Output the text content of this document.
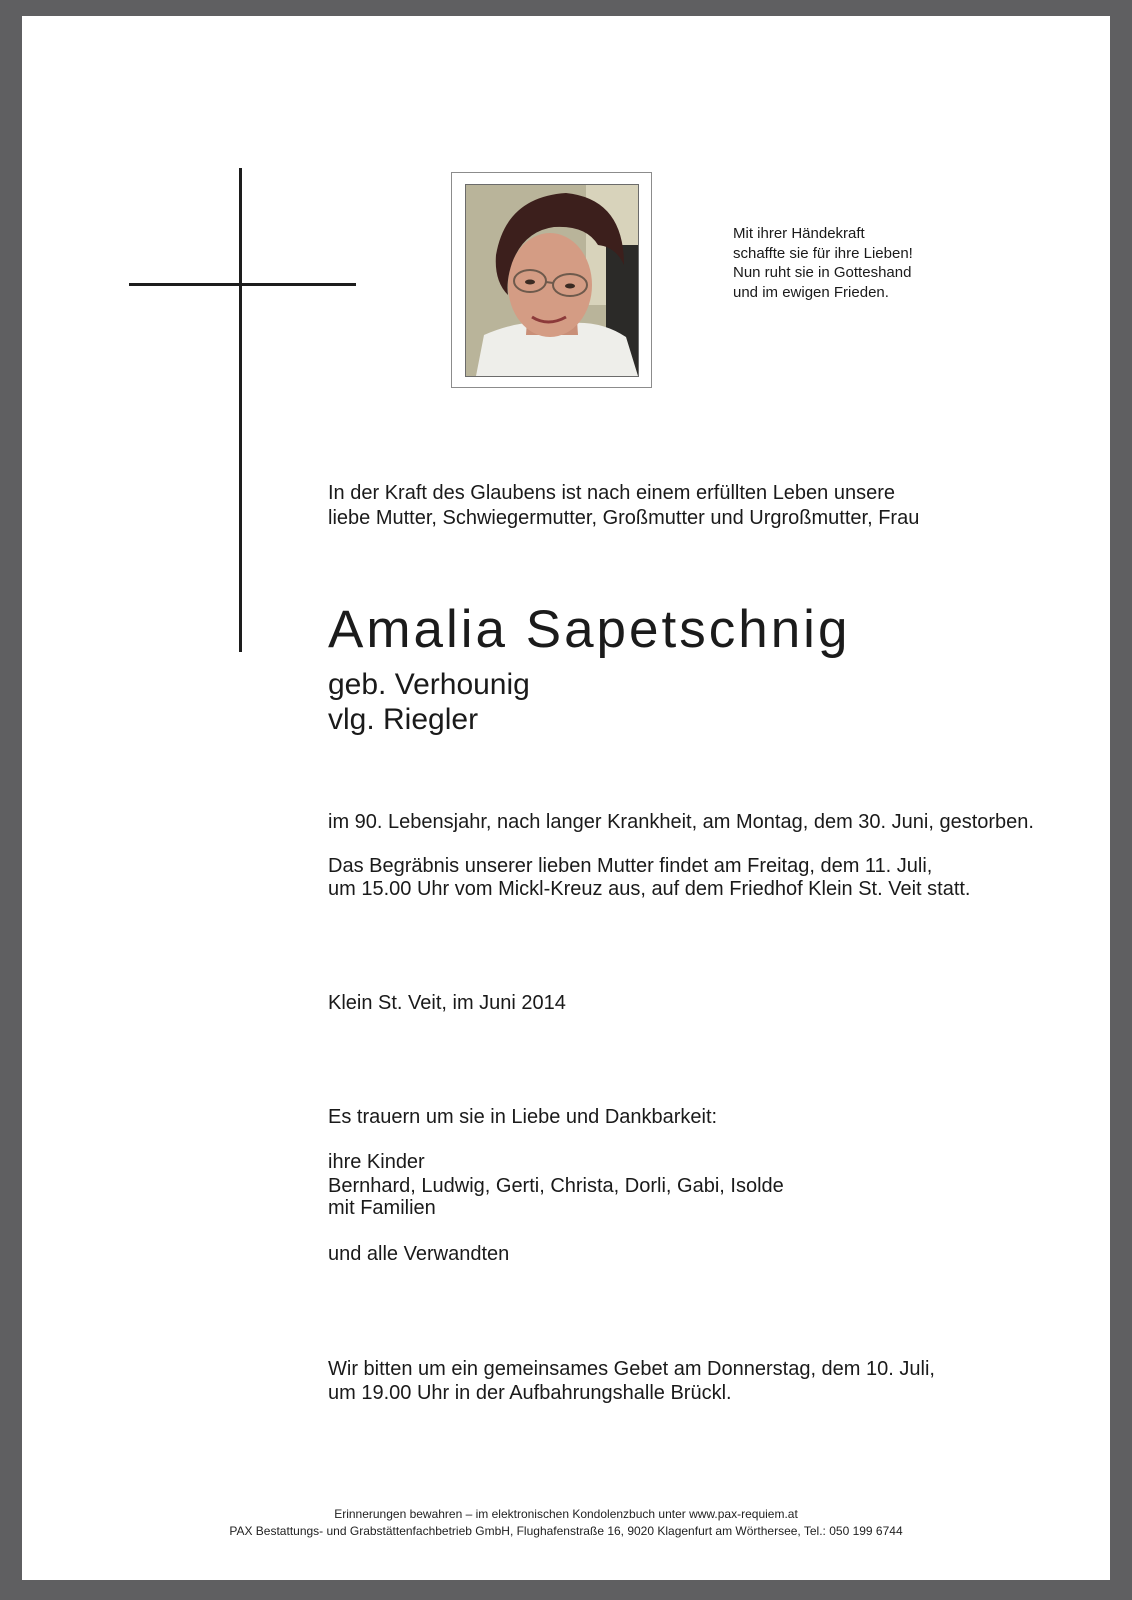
Mit ihrer Händekraft
schaffte sie für ihre Lieben!
Nun ruht sie in Gotteshand
und im ewigen Frieden.
In der Kraft des Glaubens ist nach einem erfüllten Leben unsere
liebe Mutter, Schwiegermutter, Großmutter und Urgroßmutter, Frau
Amalia Sapetschnig
geb. Verhounig
vlg. Riegler
im 90. Lebensjahr, nach langer Krankheit, am Montag, dem 30. Juni, gestorben.
Das Begräbnis unserer lieben Mutter findet am Freitag, dem 11. Juli,
um 15.00 Uhr vom Mickl-Kreuz aus, auf dem Friedhof Klein St. Veit statt.
Klein St. Veit, im Juni 2014
Es trauern um sie in Liebe und Dankbarkeit:
ihre Kinder
Bernhard, Ludwig, Gerti, Christa, Dorli, Gabi, Isolde
mit Familien
und alle Verwandten
Wir bitten um ein gemeinsames Gebet am Donnerstag, dem 10. Juli,
um 19.00 Uhr in der Aufbahrungshalle Brückl.
Erinnerungen bewahren – im elektronischen Kondolenzbuch unter www.pax-requiem.at
PAX Bestattungs- und Grabstättenfachbetrieb GmbH, Flughafenstraße 16, 9020 Klagenfurt am Wörthersee, Tel.: 050 199 6744
